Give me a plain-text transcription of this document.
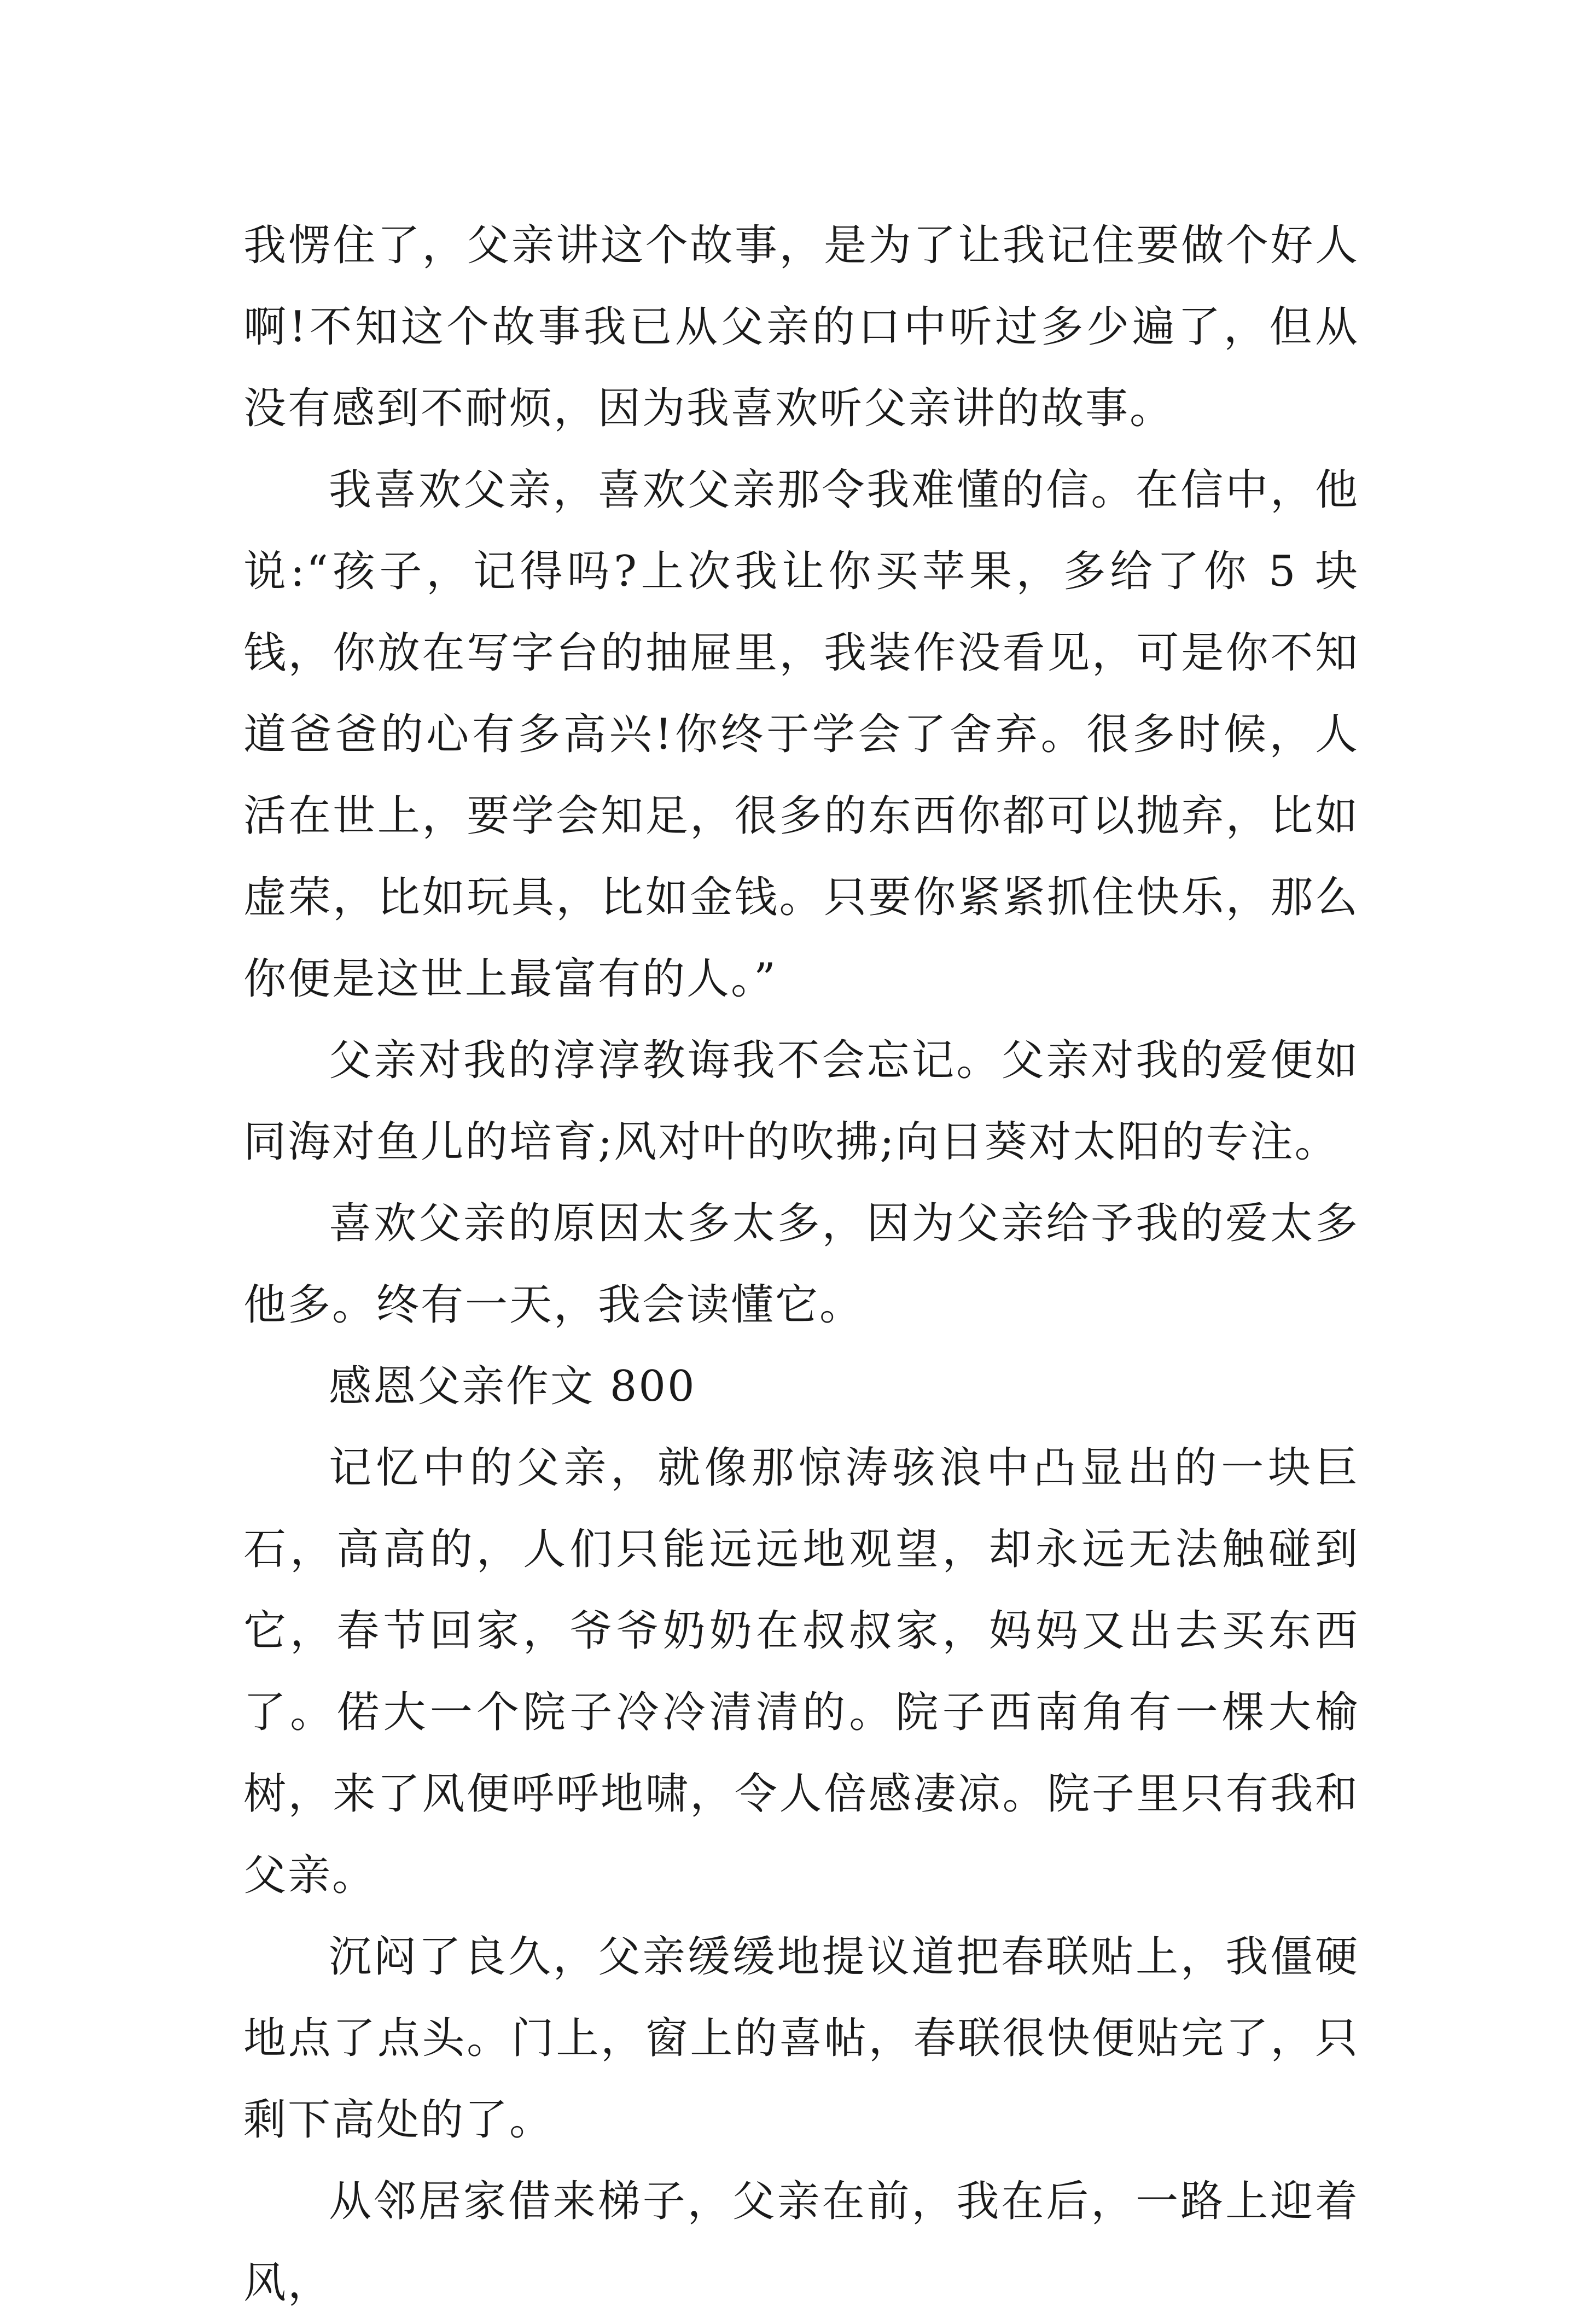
我愣住了，父亲讲这个故事，是为了让我记住要做个好人啊!不知这个故事我已从父亲的口中听过多少遍了，但从没有感到不耐烦，因为我喜欢听父亲讲的故事。

我喜欢父亲，喜欢父亲那令我难懂的信。在信中，他说:“孩子，记得吗?上次我让你买苹果，多给了你 5 块钱，你放在写字台的抽屉里，我装作没看见，可是你不知道爸爸的心有多高兴!你终于学会了舍弃。很多时候，人活在世上，要学会知足，很多的东西你都可以抛弃，比如虚荣，比如玩具，比如金钱。只要你紧紧抓住快乐，那么你便是这世上最富有的人。”

父亲对我的淳淳教诲我不会忘记。父亲对我的爱便如同海对鱼儿的培育;风对叶的吹拂;向日葵对太阳的专注。

喜欢父亲的原因太多太多，因为父亲给予我的爱太多他多。终有一天，我会读懂它。

感恩父亲作文 800

记忆中的父亲，就像那惊涛骇浪中凸显出的一块巨石，高高的，人们只能远远地观望，却永远无法触碰到它，春节回家，爷爷奶奶在叔叔家，妈妈又出去买东西了。偌大一个院子冷冷清清的。院子西南角有一棵大榆树，来了风便呼呼地啸，令人倍感凄凉。院子里只有我和父亲。

沉闷了良久，父亲缓缓地提议道把春联贴上，我僵硬地点了点头。门上，窗上的喜帖，春联很快便贴完了，只剩下高处的了。

从邻居家借来梯子，父亲在前，我在后，一路上迎着风，
